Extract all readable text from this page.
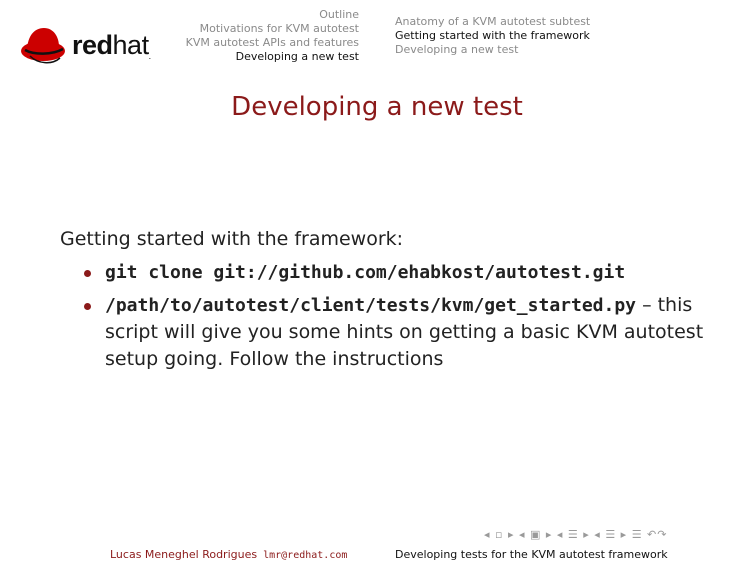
redhat.
Outline
Motivations for KVM autotest
KVM autotest APIs and features
Developing a new test
Anatomy of a KVM autotest subtest
Getting started with the framework
Developing a new test
Developing a new test

Getting started with the framework:

git clone git://github.com/ehabkost/autotest.git
/path/to/autotest/client/tests/kvm/get_started.py – this script will give you some hints on getting a basic KVM autotest setup going. Follow the instructions
◂ ▫ ▸ ◂ ▣ ▸ ◂ ☰ ▸ ◂ ☰ ▸ ☰ ↶↷
Lucas Meneghel Rodrigues lmr@redhat.com	Developing tests for the KVM autotest framework
